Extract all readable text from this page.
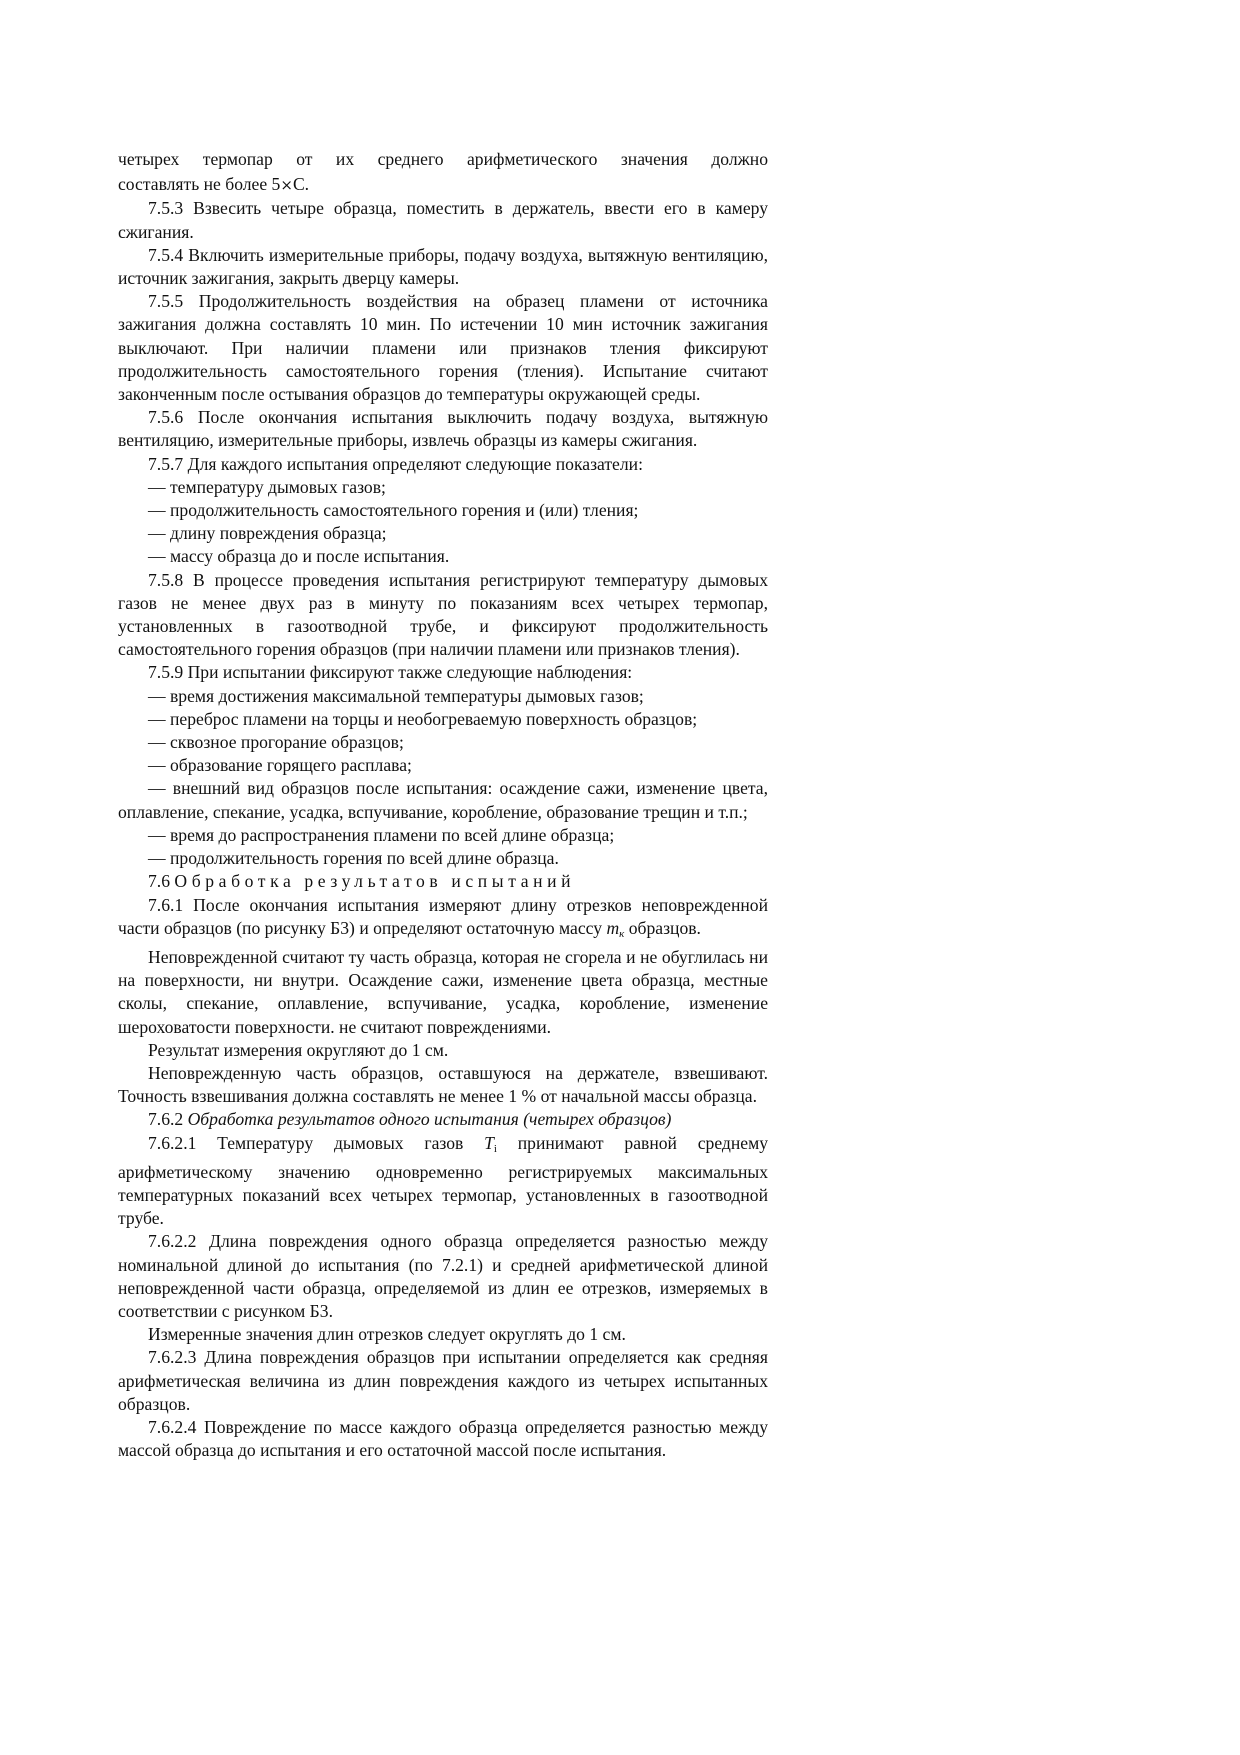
четырех термопар от их среднего арифметического значения должно

составлять не более 5×С.

7.5.3 Взвесить четыре образца, поместить в держатель, ввести его в камеру сжигания.

7.5.4 Включить измерительные приборы, подачу воздуха, вытяжную вентиляцию, источник зажигания, закрыть дверцу камеры.

7.5.5 Продолжительность воздействия на образец пламени от источника зажигания должна составлять 10 мин. По истечении 10 мин источник зажигания выключают. При наличии пламени или признаков тления фиксируют продолжительность самостоятельного горения (тления). Испытание считают законченным после остывания образцов до температуры окружающей среды.

7.5.6 После окончания испытания выключить подачу воздуха, вытяжную вентиляцию, измерительные приборы, извлечь образцы из камеры сжигания.

7.5.7 Для каждого испытания определяют следующие показатели:

— температуру дымовых газов;

— продолжительность самостоятельного горения и (или) тления;

— длину повреждения образца;

— массу образца до и после испытания.

7.5.8 В процессе проведения испытания регистрируют температуру дымовых газов не менее двух раз в минуту по показаниям всех четырех термопар, установленных в газоотводной трубе, и фиксируют продолжительность самостоятельного горения образцов (при наличии пламени или признаков тления).

7.5.9 При испытании фиксируют также следующие наблюдения:

— время достижения максимальной температуры дымовых газов;

— переброс пламени на торцы и необогреваемую поверхность образцов;

— сквозное прогорание образцов;

— образование горящего расплава;

— внешний вид образцов после испытания: осаждение сажи, изменение цвета, оплавление, спекание, усадка, вспучивание, коробление, образование трещин и т.п.;

— время до распространения пламени по всей длине образца;

— продолжительность горения по всей длине образца.

7.6 Обработка результатов испытаний

7.6.1 После окончания испытания измеряют длину отрезков неповрежденной части образцов (по рисунку Б3) и определяют остаточную массу $m_к$ образцов.

Неповрежденной считают ту часть образца, которая не сгорела и не обуглилась ни на поверхности, ни внутри. Осаждение сажи, изменение цвета образца, местные сколы, спекание, оплавление, вспучивание, усадка, коробление, изменение шероховатости поверхности. не считают повреждениями.

Результат измерения округляют до 1 см.

Неповрежденную часть образцов, оставшуюся на держателе, взвешивают. Точность взвешивания должна составлять не менее 1 % от начальной массы образца.

7.6.2 Обработка результатов одного испытания (четырех образцов)

7.6.2.1 Температуру дымовых газов $T_i$ принимают равной среднему арифметическому значению одновременно регистрируемых максимальных температурных показаний всех четырех термопар, установленных в газоотводной трубе.

7.6.2.2 Длина повреждения одного образца определяется разностью между номинальной длиной до испытания (по 7.2.1) и средней арифметической длиной неповрежденной части образца, определяемой из длин ее отрезков, измеряемых в соответствии с рисунком Б3.

Измеренные значения длин отрезков следует округлять до 1 см.

7.6.2.3 Длина повреждения образцов при испытании определяется как средняя арифметическая величина из длин повреждения каждого из четырех испытанных образцов.

7.6.2.4 Повреждение по массе каждого образца определяется разностью между массой образца до испытания и его остаточной массой после испытания.
